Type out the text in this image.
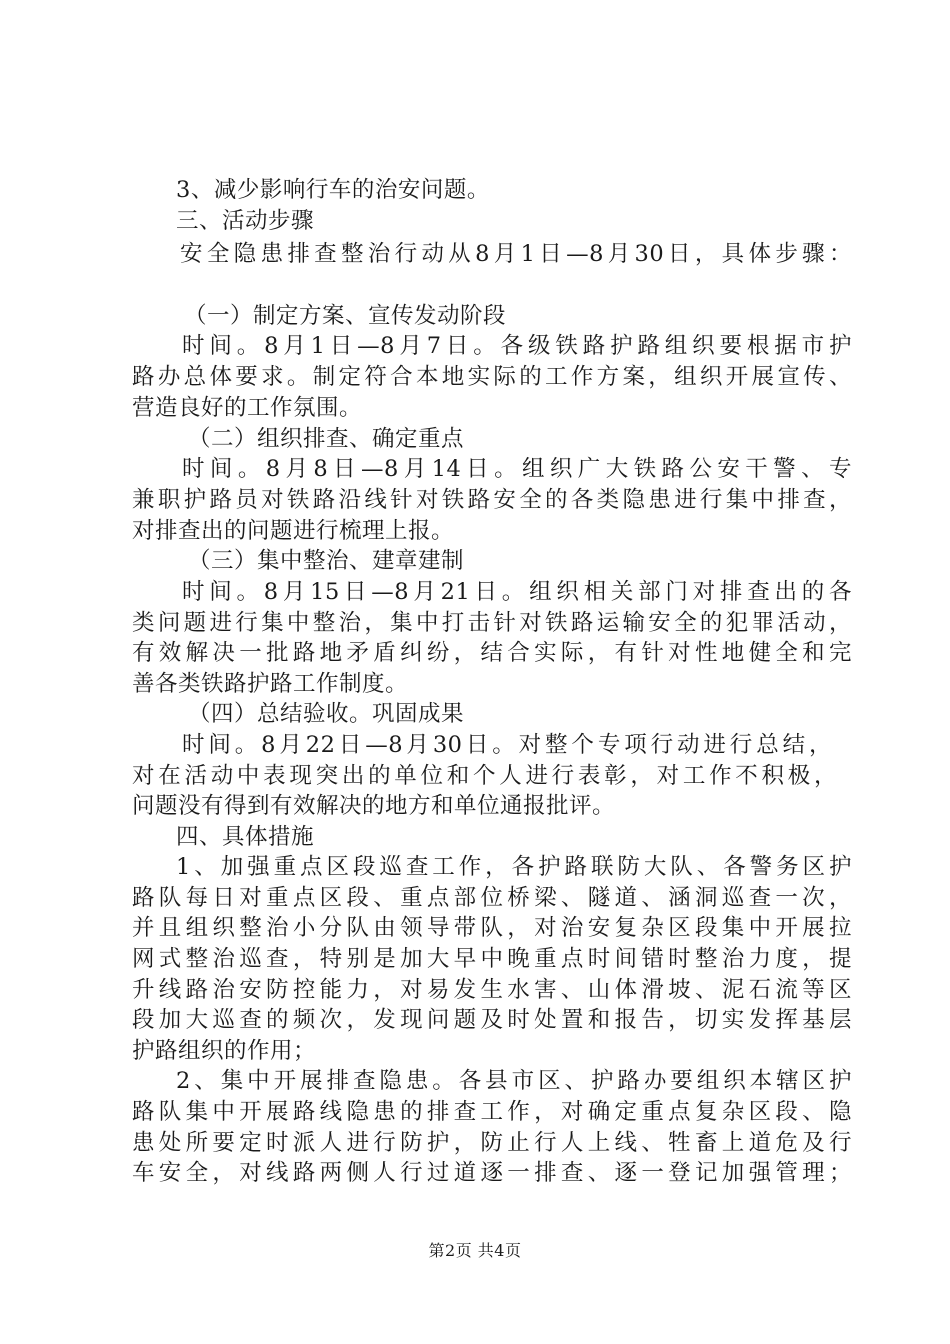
3、减少影响行车的治安问题。
三、活动步骤
安全隐患排查整治行动从8月1日—8月30日，具体步骤：
（一）制定方案、宣传发动阶段
时间。8月1日—8月7日。各级铁路护路组织要根据市护
路办总体要求。制定符合本地实际的工作方案，组织开展宣传、
营造良好的工作氛围。
（二）组织排查、确定重点
时间。8月8日—8月14日。组织广大铁路公安干警、专
兼职护路员对铁路沿线针对铁路安全的各类隐患进行集中排查，
对排查出的问题进行梳理上报。
（三）集中整治、建章建制
时间。8月15日—8月21日。组织相关部门对排查出的各
类问题进行集中整治，集中打击针对铁路运输安全的犯罪活动，
有效解决一批路地矛盾纠纷，结合实际，有针对性地健全和完
善各类铁路护路工作制度。
（四）总结验收。巩固成果
时间。8月22日—8月30日。对整个专项行动进行总结，
对在活动中表现突出的单位和个人进行表彰，对工作不积极，
问题没有得到有效解决的地方和单位通报批评。
四、具体措施
1、加强重点区段巡查工作，各护路联防大队、各警务区护
路队每日对重点区段、重点部位桥梁、隧道、涵洞巡查一次，
并且组织整治小分队由领导带队，对治安复杂区段集中开展拉
网式整治巡查，特别是加大早中晚重点时间错时整治力度，提
升线路治安防控能力，对易发生水害、山体滑坡、泥石流等区
段加大巡查的频次，发现问题及时处置和报告，切实发挥基层
护路组织的作用；
2、集中开展排查隐患。各县市区、护路办要组织本辖区护
路队集中开展路线隐患的排查工作，对确定重点复杂区段、隐
患处所要定时派人进行防护，防止行人上线、牲畜上道危及行
车安全，对线路两侧人行过道逐一排查、逐一登记加强管理；
第2页 共4页
